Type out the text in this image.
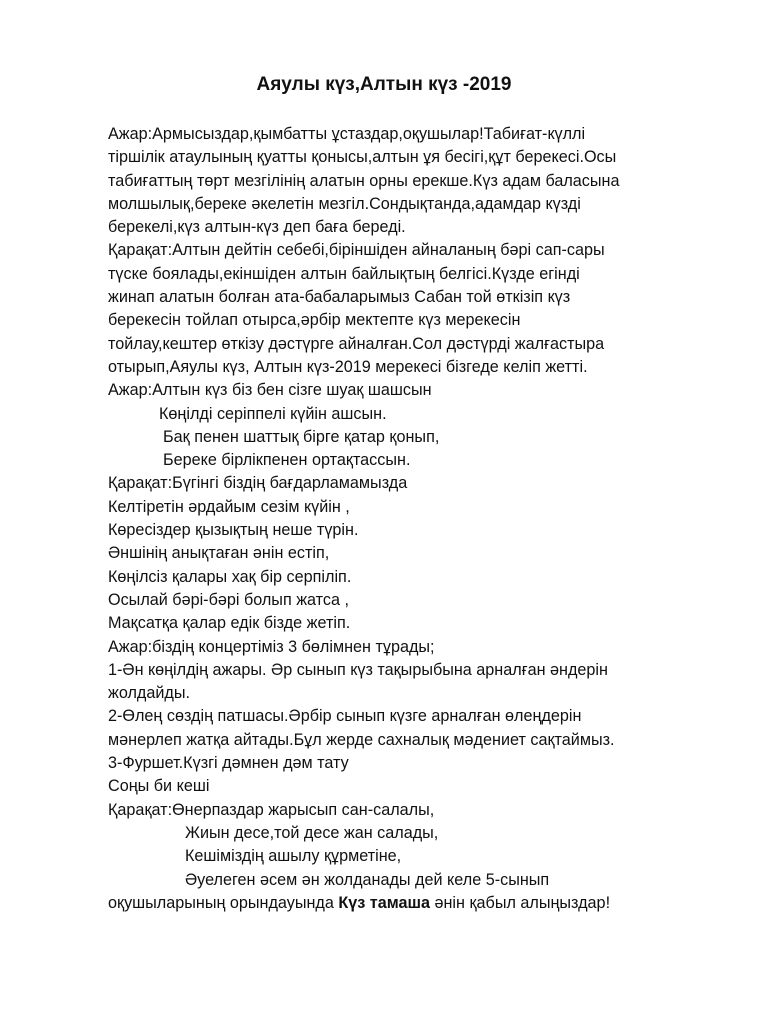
Аяулы күз,Алтын күз -2019
Ажар:Армысыздар,қымбатты ұстаздар,оқушылар!Табиғат-күллі
тіршілік атаулының қуатты қонысы,алтын ұя бесігі,құт берекесі.Осы
табиғаттың төрт мезгілінің алатын орны ерекше.Күз адам баласына
молшылық,береке әкелетін мезгіл.Сондықтанда,адамдар күзді
берекелі,күз алтын-күз деп баға береді.
Қарақат:Алтын дейтін себебі,біріншіден айналаның бәрі сап-сары
түске боялады,екіншіден алтын байлықтың белгісі.Күзде егінді
жинап алатын болған ата-бабаларымыз Сабан той өткізіп күз
берекесін тойлап отырса,әрбір мектепте күз мерекесін
тойлау,кештер өткізу дәстүрге айналған.Сол дәстүрді жалғастыра
отырып,Аяулы күз, Алтын күз-2019 мерекесі бізгеде келіп жетті.
Ажар:Алтын күз біз бен сізге шуақ шашсын
Көңілді серіппелі күйін ашсын.
Бақ пенен шаттық бірге қатар қонып,
Береке бірлікпенен ортақтассын.
Қарақат:Бүгінгі біздің бағдарламамызда
Келтіретін әрдайым сезім күйін ,
Көресіздер қызықтың неше түрін.
Әншінің анықтаған әнін естіп,
Көңілсіз қалары хақ бір серпіліп.
Осылай бәрі-бәрі болып жатса ,
Мақсатқа қалар едік бізде жетіп.
Ажар:біздің концертіміз 3 бөлімнен тұрады;
1-Ән көңілдің ажары. Әр сынып күз тақырыбына арналған әндерін
жолдайды.
2-Өлең сөздің патшасы.Әрбір сынып күзге арналған өлеңдерін
мәнерлеп жатқа айтады.Бұл жерде сахналық мәдениет сақтаймыз.
3-Фуршет.Күзгі дәмнен дәм тату
Соңы би кеші
Қарақат:Өнерпаздар жарысып сан-салалы,
Жиын десе,той десе жан салады,
Кешіміздің ашылу құрметіне,
Әуелеген әсем ән жолданады дей келе 5-сынып
оқушыларының орындауында Күз тамаша әнін қабыл алыңыздар!
